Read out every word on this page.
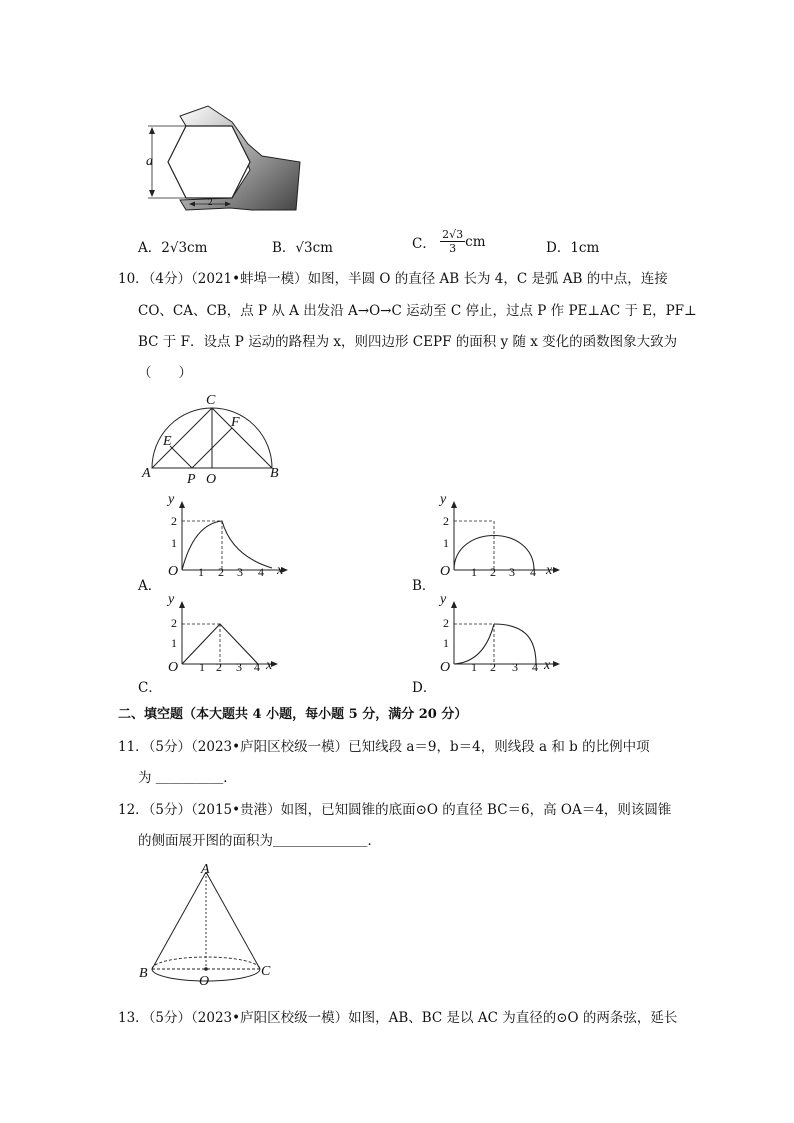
a
2
A．2√3cm	B．√3cm	C． $\frac{2√3}{3}$ cm	D．1cm
10．（4分）（2021•蚌埠一模）如图，半圆 O 的直径 AB 长为 4，C 是弧 AB 的中点，连接
CO、CA、CB，点 P 从 A 出发沿 A→O→C 运动至 C 停止，过点 P 作 PE⊥AC 于 E，PF⊥
BC 于 F．设点 P 运动的路程为 x，则四边形 CEPF 的面积 y 随 x 变化的函数图象大致为
（　　）
C
E
F
A	P O	B
y
2
1
O 1 2 3 4 x
A．
y
2
1
O 1 2 3 4 x
B．
y
2
1
O 1 2 3 4 x
C．
y
2
1
O 1 2 3 4 x
D．
二、填空题（本大题共 4 小题，每小题 5 分，满分 20 分）
11．（5分）（2023•庐阳区校级一模）已知线段 a＝9，b＝4，则线段 a 和 b 的比例中项
为 ＿＿＿＿＿．
12．（5分）（2015•贵港）如图，已知圆锥的底面⊙O 的直径 BC＝6，高 OA＝4，则该圆锥
的侧面展开图的面积为＿＿＿＿＿＿＿．
A
B	C
O
13．（5分）（2023•庐阳区校级一模）如图，AB、BC 是以 AC 为直径的⊙O 的两条弦，延长
